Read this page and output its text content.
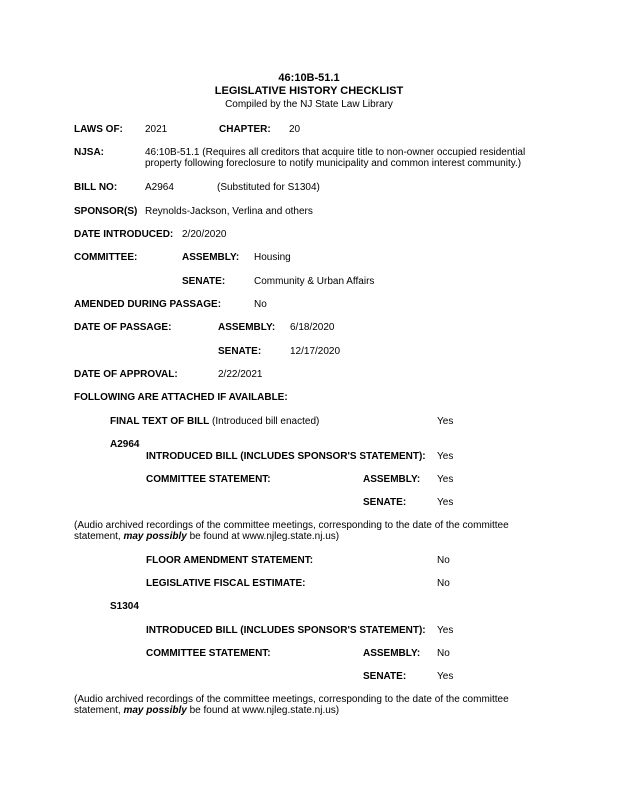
46:10B-51.1
LEGISLATIVE HISTORY CHECKLIST
Compiled by the NJ State Law Library
LAWS OF: 2021	CHAPTER: 20
NJSA:	46:10B-51.1 (Requires all creditors that acquire title to non-owner occupied residential
property following foreclosure to notify municipality and common interest community.)
BILL NO:	A2964	(Substituted for S1304)
SPONSOR(S) Reynolds-Jackson, Verlina and others
DATE INTRODUCED: 2/20/2020
COMMITTEE:	ASSEMBLY: Housing
SENATE:	Community & Urban Affairs
AMENDED DURING PASSAGE:	No
DATE OF PASSAGE:	ASSEMBLY: 6/18/2020
SENATE:	12/17/2020
DATE OF APPROVAL:	2/22/2021
FOLLOWING ARE ATTACHED IF AVAILABLE:
FINAL TEXT OF BILL (Introduced bill enacted)	Yes
A2964
INTRODUCED BILL (INCLUDES SPONSOR'S STATEMENT): Yes
COMMITTEE STATEMENT:	ASSEMBLY: Yes
SENATE:	Yes
(Audio archived recordings of the committee meetings, corresponding to the date of the committee
statement, may possibly be found at www.njleg.state.nj.us)
FLOOR AMENDMENT STATEMENT:	No
LEGISLATIVE FISCAL ESTIMATE:	No
S1304
INTRODUCED BILL (INCLUDES SPONSOR'S STATEMENT): Yes
COMMITTEE STATEMENT:	ASSEMBLY: No
SENATE:	Yes
(Audio archived recordings of the committee meetings, corresponding to the date of the committee
statement, may possibly be found at www.njleg.state.nj.us)
